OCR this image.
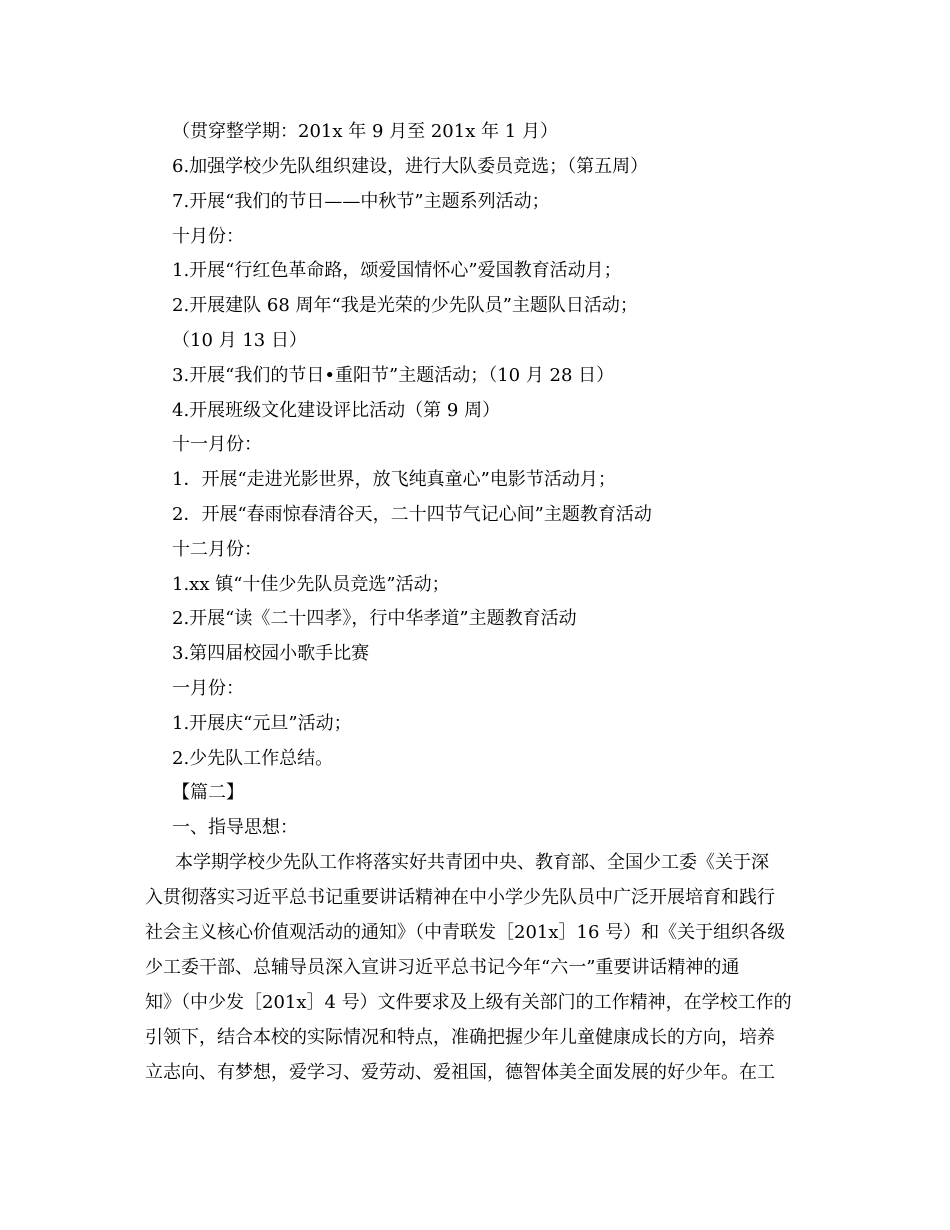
（贯穿整学期：201x 年 9 月至 201x 年 1 月）
6.加强学校少先队组织建设，进行大队委员竞选；（第五周）
7.开展“我们的节日——中秋节”主题系列活动；
十月份：
1.开展“行红色革命路，颂爱国情怀心”爱国教育活动月；
2.开展建队 68 周年“我是光荣的少先队员”主题队日活动；
（10 月 13 日）
3.开展“我们的节日•重阳节”主题活动；（10 月 28 日）
4.开展班级文化建设评比活动（第 9 周）
十一月份：
1．开展“走进光影世界，放飞纯真童心”电影节活动月；
2．开展“春雨惊春清谷天，二十四节气记心间”主题教育活动
十二月份：
1.xx 镇“十佳少先队员竞选”活动；
2.开展“读《二十四孝》，行中华孝道”主题教育活动
3.第四届校园小歌手比赛
一月份：
1.开展庆“元旦”活动；
2.少先队工作总结。
【篇二】
一、指导思想：
本学期学校少先队工作将落实好共青团中央、教育部、全国少工委《关于深
入贯彻落实习近平总书记重要讲话精神在中小学少先队员中广泛开展培育和践行
社会主义核心价值观活动的通知》（中青联发［201x］16 号）和《关于组织各级
少工委干部、总辅导员深入宣讲习近平总书记今年“六一”重要讲话精神的通
知》（中少发［201x］4 号）文件要求及上级有关部门的工作精神，在学校工作的
引领下，结合本校的实际情况和特点，准确把握少年儿童健康成长的方向，培养
立志向、有梦想，爱学习、爱劳动、爱祖国，德智体美全面发展的好少年。在工
